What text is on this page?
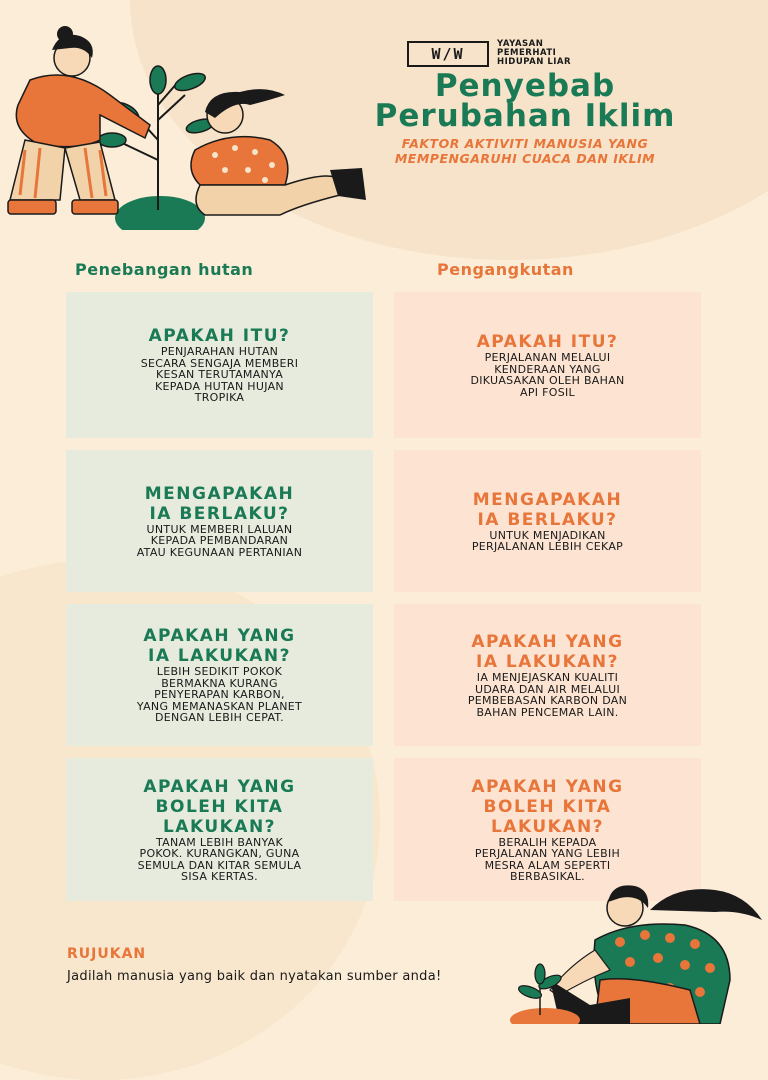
W/W
YAYASAN
PEMERHATI
HIDUPAN LIAR
Penyebab
Perubahan Iklim
FAKTOR AKTIVITI MANUSIA YANG
MEMPENGARUHI CUACA DAN IKLIM
Penebangan hutan	Pengangkutan
APAKAH ITU?

PENJARAHAN HUTAN
SECARA SENGAJA MEMBERI
KESAN TERUTAMANYA
KEPADA HUTAN HUJAN
TROPIKA

MENGAPAKAH
IA BERLAKU?

UNTUK MEMBERI LALUAN
KEPADA PEMBANDARAN
ATAU KEGUNAAN PERTANIAN

APAKAH YANG
IA LAKUKAN?

LEBIH SEDIKIT POKOK
BERMAKNA KURANG
PENYERAPAN KARBON,
YANG MEMANASKAN PLANET
DENGAN LEBIH CEPAT.

APAKAH YANG
BOLEH KITA
LAKUKAN?

TANAM LEBIH BANYAK
POKOK. KURANGKAN, GUNA
SEMULA DAN KITAR SEMULA
SISA KERTAS.

APAKAH ITU?

PERJALANAN MELALUI
KENDERAAN YANG
DIKUASAKAN OLEH BAHAN
API FOSIL

MENGAPAKAH
IA BERLAKU?

UNTUK MENJADIKAN
PERJALANAN LEBIH CEKAP

APAKAH YANG
IA LAKUKAN?

IA MENJEJASKAN KUALITI
UDARA DAN AIR MELALUI
PEMBEBASAN KARBON DAN
BAHAN PENCEMAR LAIN.

APAKAH YANG
BOLEH KITA
LAKUKAN?

BERALIH KEPADA
PERJALANAN YANG LEBIH
MESRA ALAM SEPERTI
BERBASIKAL.

RUJUKAN
Jadilah manusia yang baik dan nyatakan sumber anda!
